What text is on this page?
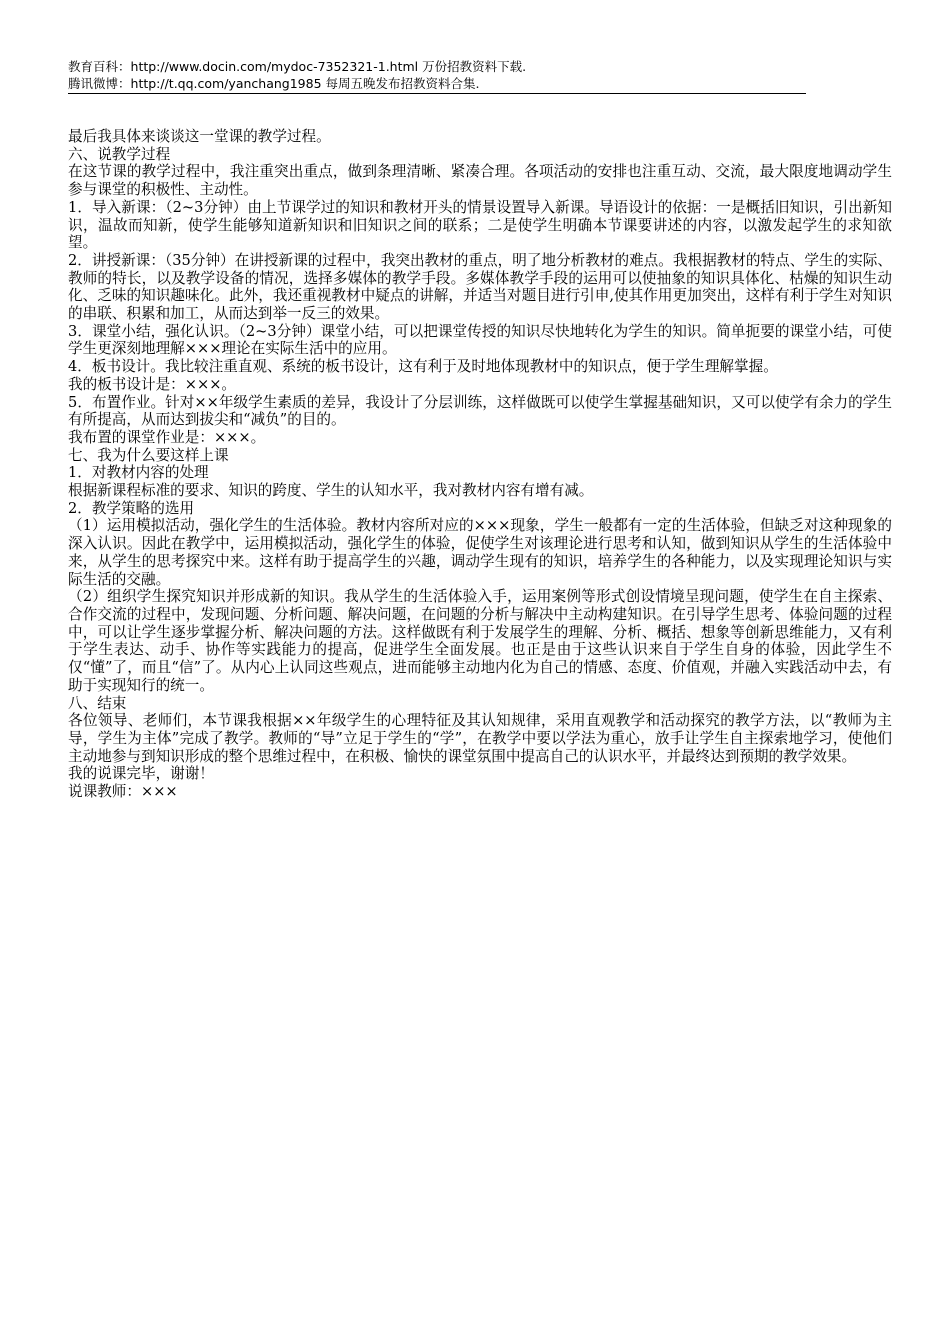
教育百科：http://www.docin.com/mydoc-7352321-1.html 万份招教资料下载.
腾讯微博：http://t.qq.com/yanchang1985 每周五晚发布招教资料合集.

最后我具体来谈谈这一堂课的教学过程。

六、说教学过程

在这节课的教学过程中，我注重突出重点，做到条理清晰、紧凑合理。各项活动的安排也注重互动、交流，最大限度地调动学生参与课堂的积极性、主动性。

1．导入新课：（2~3分钟）由上节课学过的知识和教材开头的情景设置导入新课。导语设计的依据：一是概括旧知识，引出新知识，温故而知新，使学生能够知道新知识和旧知识之间的联系；二是使学生明确本节课要讲述的内容，以激发起学生的求知欲望。

2．讲授新课：（35分钟）在讲授新课的过程中，我突出教材的重点，明了地分析教材的难点。我根据教材的特点、学生的实际、教师的特长，以及教学设备的情况，选择多媒体的教学手段。多媒体教学手段的运用可以使抽象的知识具体化、枯燥的知识生动化、乏味的知识趣味化。此外，我还重视教材中疑点的讲解，并适当对题目进行引申,使其作用更加突出，这样有利于学生对知识的串联、积累和加工，从而达到举一反三的效果。

3．课堂小结，强化认识。（2~3分钟）课堂小结，可以把课堂传授的知识尽快地转化为学生的知识。简单扼要的课堂小结，可使学生更深刻地理解×××理论在实际生活中的应用。

4．板书设计。我比较注重直观、系统的板书设计，这有利于及时地体现教材中的知识点，便于学生理解掌握。

我的板书设计是：×××。

5．布置作业。针对××年级学生素质的差异，我设计了分层训练，这样做既可以使学生掌握基础知识，又可以使学有余力的学生有所提高，从而达到拔尖和“减负”的目的。

我布置的课堂作业是：×××。

七、我为什么要这样上课

1．对教材内容的处理

根据新课程标准的要求、知识的跨度、学生的认知水平，我对教材内容有增有减。

2．教学策略的选用

（1）运用模拟活动，强化学生的生活体验。教材内容所对应的×××现象，学生一般都有一定的生活体验，但缺乏对这种现象的深入认识。因此在教学中，运用模拟活动，强化学生的体验，促使学生对该理论进行思考和认知，做到知识从学生的生活体验中来，从学生的思考探究中来。这样有助于提高学生的兴趣，调动学生现有的知识，培养学生的各种能力，以及实现理论知识与实际生活的交融。

（2）组织学生探究知识并形成新的知识。我从学生的生活体验入手，运用案例等形式创设情境呈现问题，使学生在自主探索、合作交流的过程中，发现问题、分析问题、解决问题，在问题的分析与解决中主动构建知识。在引导学生思考、体验问题的过程中，可以让学生逐步掌握分析、解决问题的方法。这样做既有利于发展学生的理解、分析、概括、想象等创新思维能力，又有利于学生表达、动手、协作等实践能力的提高，促进学生全面发展。也正是由于这些认识来自于学生自身的体验，因此学生不仅“懂”了，而且“信”了。从内心上认同这些观点，进而能够主动地内化为自己的情感、态度、价值观，并融入实践活动中去，有助于实现知行的统一。

八、结束

各位领导、老师们，本节课我根据××年级学生的心理特征及其认知规律，采用直观教学和活动探究的教学方法，以“教师为主导，学生为主体”完成了教学。教师的“导”立足于学生的“学”，在教学中要以学法为重心，放手让学生自主探索地学习，使他们主动地参与到知识形成的整个思维过程中，在积极、愉快的课堂氛围中提高自己的认识水平，并最终达到预期的教学效果。

我的说课完毕，谢谢！

说课教师：×××
